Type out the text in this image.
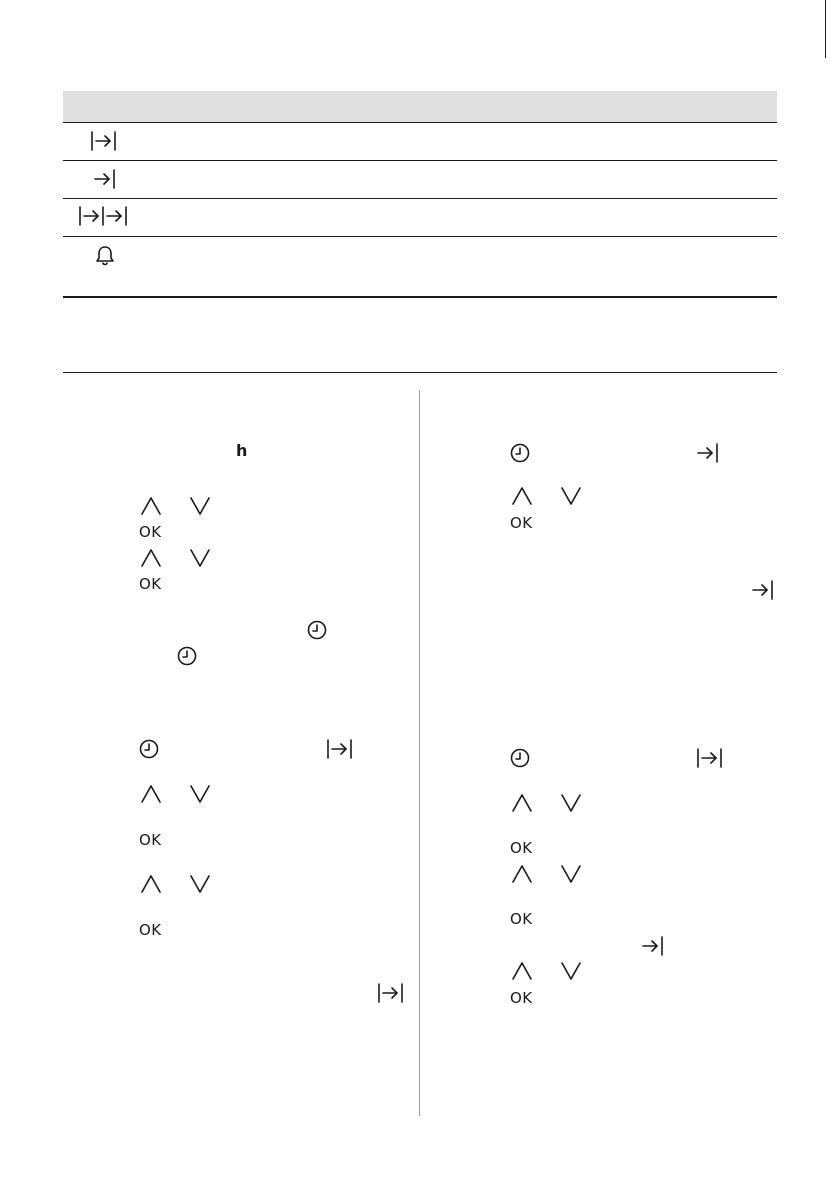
h
OK
OK
OK
OK
OK
OK
OK
OK
